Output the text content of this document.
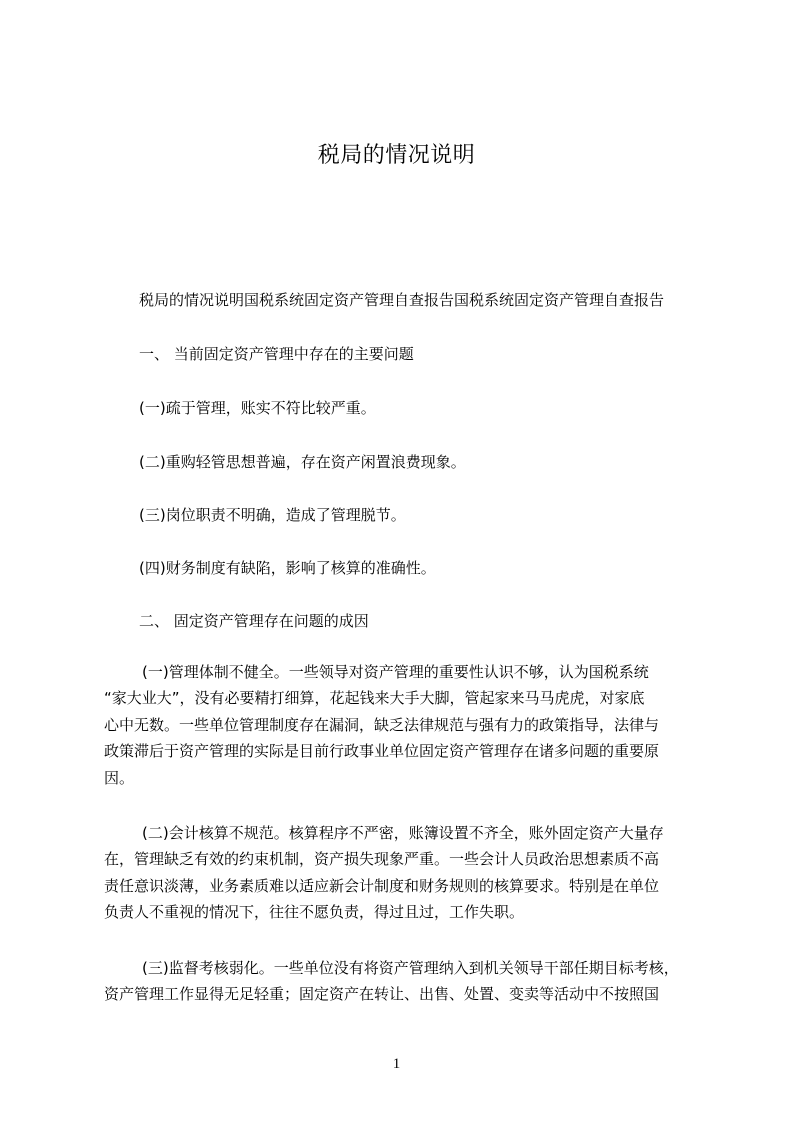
税局的情况说明
税局的情况说明国税系统固定资产管理自查报告国税系统固定资产管理自查报告
一、 当前固定资产管理中存在的主要问题
(一)疏于管理，账实不符比较严重。
(二)重购轻管思想普遍，存在资产闲置浪费现象。
(三)岗位职责不明确，造成了管理脱节。
(四)财务制度有缺陷，影响了核算的准确性。
二、 固定资产管理存在问题的成因
(一)管理体制不健全。一些领导对资产管理的重要性认识不够，认为国税系统
“家大业大”，没有必要精打细算，花起钱来大手大脚，管起家来马马虎虎，对家底
心中无数。一些单位管理制度存在漏洞，缺乏法律规范与强有力的政策指导，法律与
政策滞后于资产管理的实际是目前行政事业单位固定资产管理存在诸多问题的重要原
因。
(二)会计核算不规范。核算程序不严密，账簿设置不齐全，账外固定资产大量存
在，管理缺乏有效的约束机制，资产损失现象严重。一些会计人员政治思想素质不高
责任意识淡薄，业务素质难以适应新会计制度和财务规则的核算要求。特别是在单位
负责人不重视的情况下，往往不愿负责，得过且过，工作失职。
(三)监督考核弱化。一些单位没有将资产管理纳入到机关领导干部任期目标考核，
资产管理工作显得无足轻重；固定资产在转让、出售、处置、变卖等活动中不按照国
1
